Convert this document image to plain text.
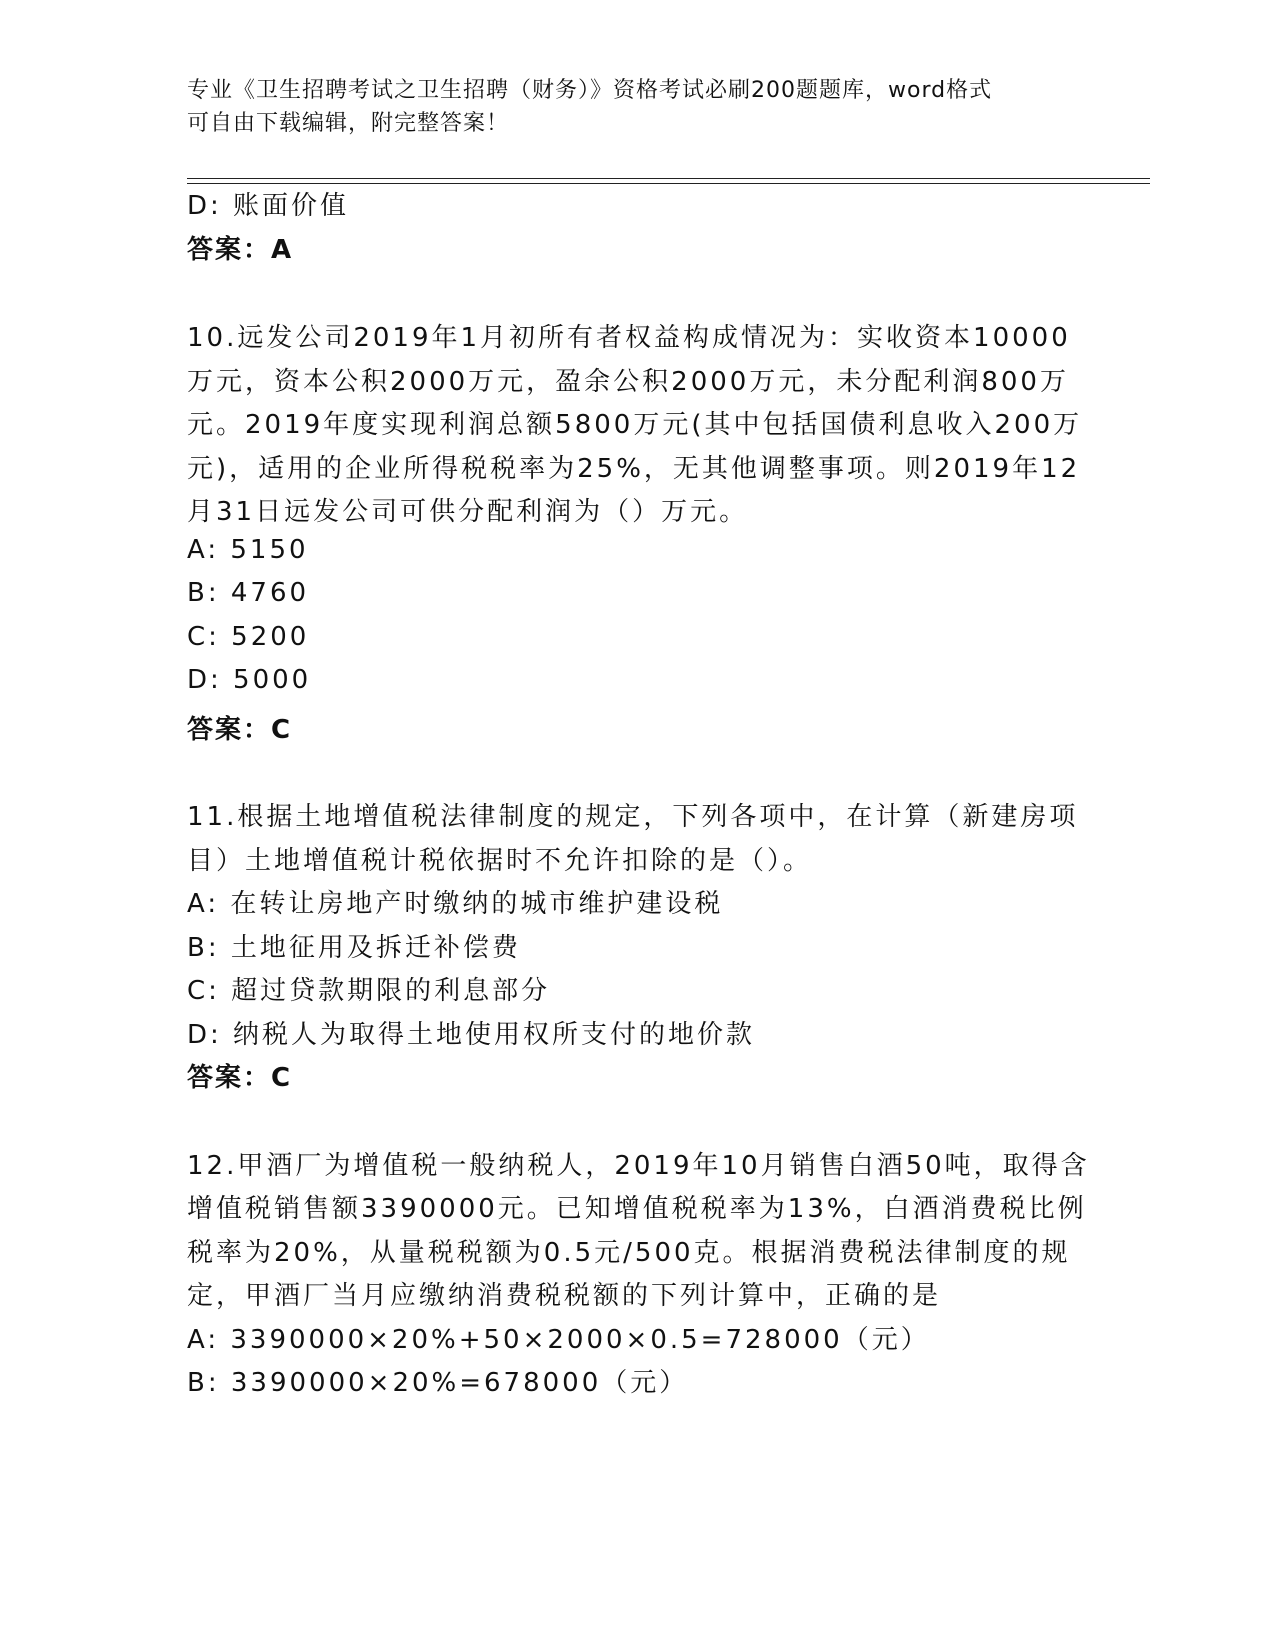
专业《卫生招聘考试之卫生招聘（财务）》资格考试必刷200题题库，word格式
可自由下载编辑，附完整答案！
D: 账面价值
答案：A
10.远发公司2019年1月初所有者权益构成情况为：实收资本10000
万元，资本公积2000万元，盈余公积2000万元，未分配利润800万
元。2019年度实现利润总额5800万元(其中包括国债利息收入200万
元)，适用的企业所得税税率为25%，无其他调整事项。则2019年12
月31日远发公司可供分配利润为（）万元。
A: 5150
B: 4760
C: 5200
D: 5000
答案：C
11.根据土地增值税法律制度的规定，下列各项中，在计算（新建房项
目）土地增值税计税依据时不允许扣除的是（）。
A: 在转让房地产时缴纳的城市维护建设税
B: 土地征用及拆迁补偿费
C: 超过贷款期限的利息部分
D: 纳税人为取得土地使用权所支付的地价款
答案：C
12.甲酒厂为增值税一般纳税人，2019年10月销售白酒50吨，取得含
增值税销售额3390000元。已知增值税税率为13%，白酒消费税比例
税率为20%，从量税税额为0.5元/500克。根据消费税法律制度的规
定，甲酒厂当月应缴纳消费税税额的下列计算中，正确的是
A: 3390000×20%+50×2000×0.5=728000（元）
B: 3390000×20%=678000（元）
